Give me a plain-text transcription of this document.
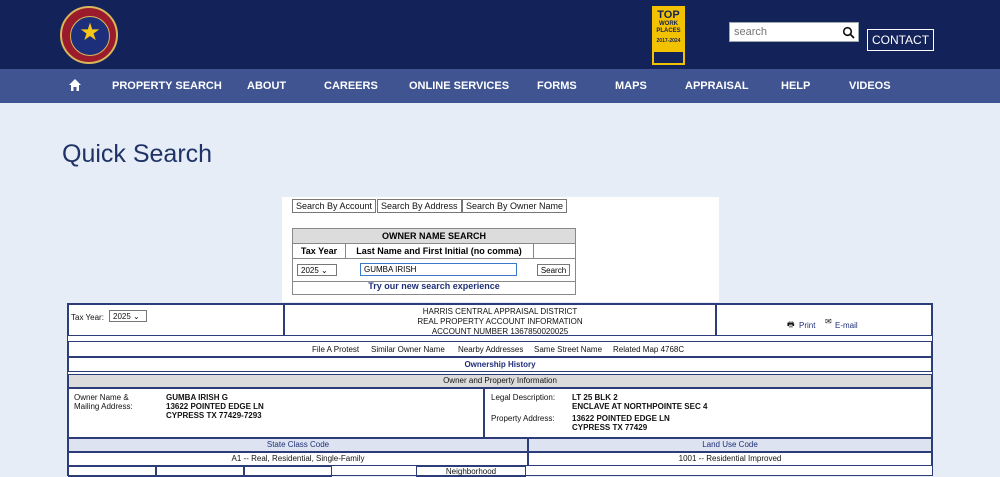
★
TOP
WORK PLACES
2017-2024
search	CONTACT
PROPERTY SEARCH ABOUT	CAREERS	ONLINE SERVICES	FORMS	MAPS	APPRAISAL	HELP	VIDEOS
Quick Search
Search By Account Search By Address Search By Owner Name
OWNER NAME SEARCH
Tax Year	Last Name and First Initial (no comma)
2025 ⌄	GUMBA IRISH	Search
Try our new search experience
Tax Year:	2025 ⌄
HARRIS CENTRAL APPRAISAL DISTRICT
REAL PROPERTY ACCOUNT INFORMATION
ACCOUNT NUMBER 1367850020025
🖶 Print ✉ E-mail
File A Protest Similar Owner Name Nearby Addresses Same Street Name Related Map 4768C
Ownership History
Owner and Property Information
Owner Name &
Mailing Address:
GUMBA IRISH G
13622 POINTED EDGE LN
CYPRESS TX 77429-7293
Legal Description: LT 25 BLK 2
ENCLAVE AT NORTHPOINTE SEC 4
Property Address: 13622 POINTED EDGE LN
CYPRESS TX 77429
State Class Code	Land Use Code
A1 -- Real, Residential, Single-Family	1001 -- Residential Improved
Neighborhood
